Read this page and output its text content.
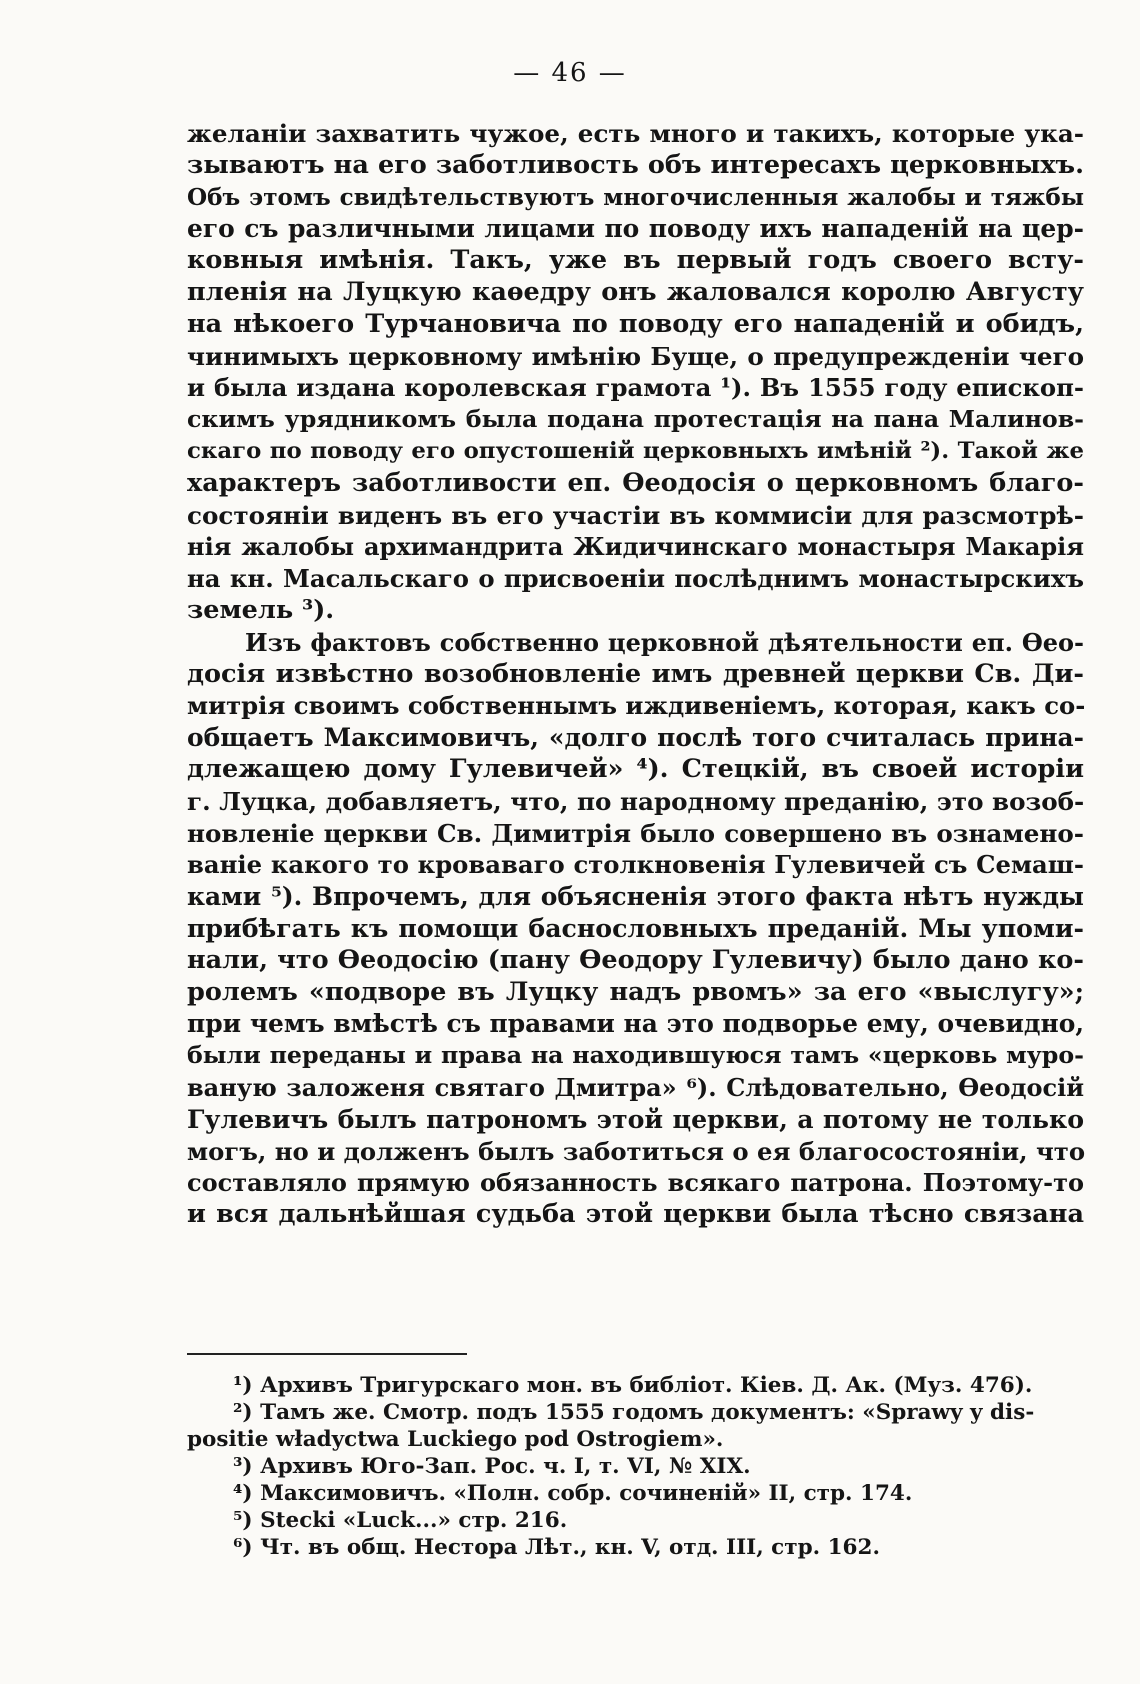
— 46 —
желаніи захватить чужое, есть много и такихъ, которые ука-
зываютъ на его заботливость объ интересахъ церковныхъ.
Объ этомъ свидѣтельствуютъ многочисленныя жалобы и тяжбы
его съ различными лицами по поводу ихъ нападеній на цер-
ковныя имѣнія. Такъ, уже въ первый годъ своего всту-
пленія на Луцкую каѳедру онъ жаловался королю Августу
на нѣкоего Турчановича по поводу его нападеній и обидъ,
чинимыхъ церковному имѣнію Буще, о предупрежденіи чего
и была издана королевская грамота ¹). Въ 1555 году епископ-
скимъ урядникомъ была подана протестація на пана Малинов-
скаго по поводу его опустошеній церковныхъ имѣній ²). Такой же
характеръ заботливости еп. Ѳеодосія о церковномъ благо-
состояніи виденъ въ его участіи въ коммисіи для разсмотрѣ-
нія жалобы архимандрита Жидичинскаго монастыря Макарія
на кн. Масальскаго о присвоеніи послѣднимъ монастырскихъ
земель ³).
Изъ фактовъ собственно церковной дѣятельности еп. Ѳео-
досія извѣстно возобновленіе имъ древней церкви Св. Ди-
митрія своимъ собственнымъ иждивеніемъ, которая, какъ со-
общаетъ Максимовичъ, «долго послѣ того считалась прина-
длежащею дому Гулевичей» ⁴). Стецкій, въ своей исторіи
г. Луцка, добавляетъ, что, по народному преданію, это возоб-
новленіе церкви Св. Димитрія было совершено въ ознамено-
ваніе какого то кроваваго столкновенія Гулевичей съ Семаш-
ками ⁵). Впрочемъ, для объясненія этого факта нѣтъ нужды
прибѣгать къ помощи баснословныхъ преданій. Мы упоми-
нали, что Ѳеодосію (пану Ѳеодору Гулевичу) было дано ко-
ролемъ «подворе въ Луцку надъ рвомъ» за его «выслугу»;
при чемъ вмѣстѣ съ правами на это подворье ему, очевидно,
были переданы и права на находившуюся тамъ «церковь муро-
ваную заложеня святаго Дмитра» ⁶). Слѣдовательно, Ѳеодосій
Гулевичъ былъ патрономъ этой церкви, а потому не только
могъ, но и долженъ былъ заботиться о ея благосостояніи, что
составляло прямую обязанность всякаго патрона. Поэтому-то
и вся дальнѣйшая судьба этой церкви была тѣсно связана
¹) Архивъ Тригурскаго мон. въ библіот. Кіев. Д. Ак. (Муз. 476).
²) Тамъ же. Смотр. подъ 1555 годомъ документъ: «Sprawy y dis-
positie władyctwa Luckiego pod Ostrogiem».
³) Архивъ Юго-Зап. Рос. ч. I, т. VI, № XIX.
⁴) Максимовичъ. «Полн. собр. сочиненій» II, стр. 174.
⁵) Stecki «Luck...» стр. 216.
⁶) Чт. въ общ. Нестора Лѣт., кн. V, отд. III, стр. 162.
